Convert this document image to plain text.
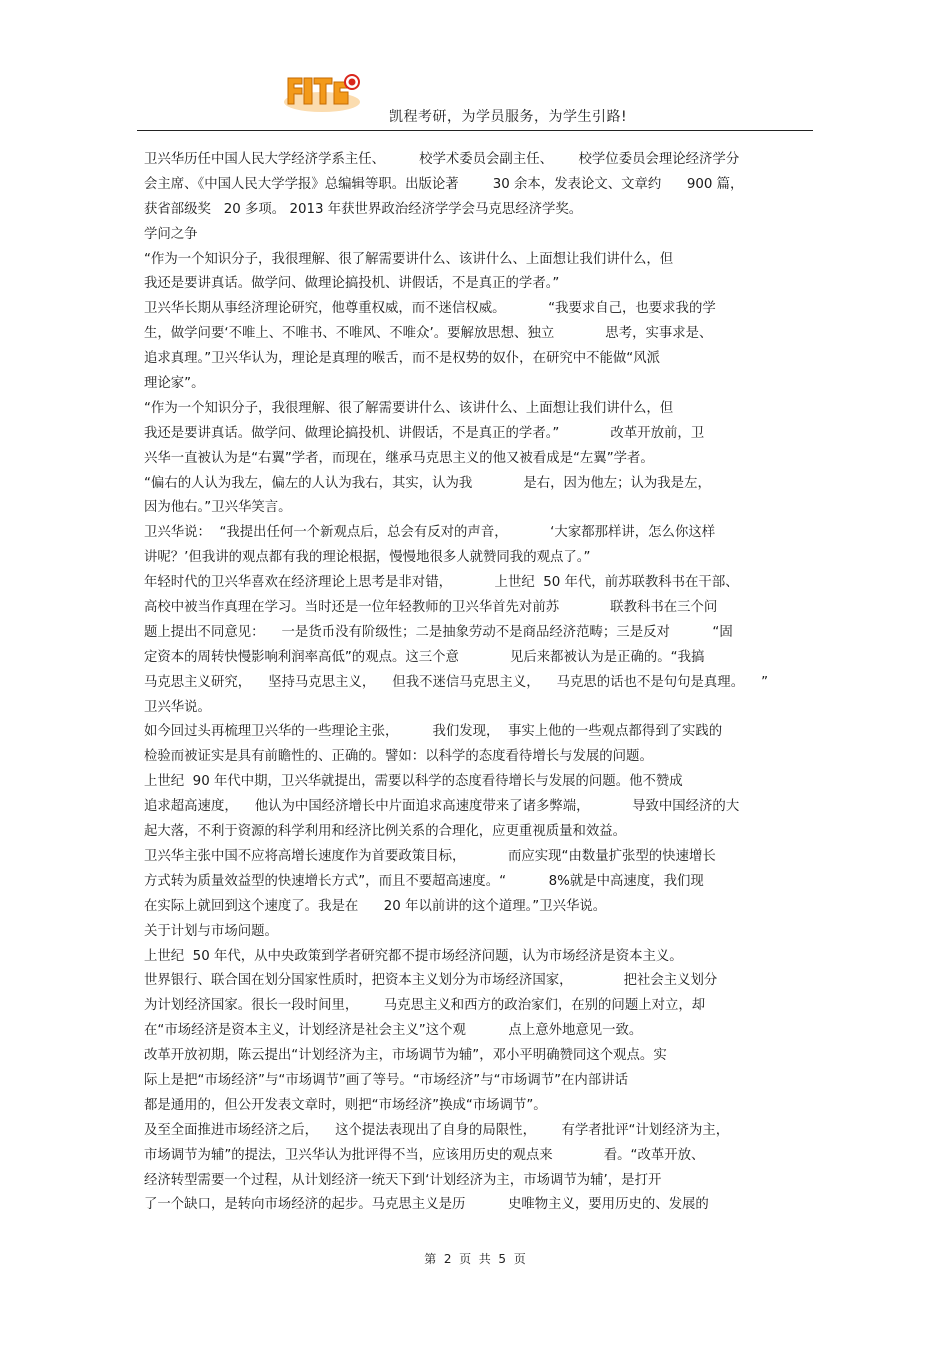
凯程考研，为学员服务，为学生引路!
卫兴华历任中国人民大学经济学系主任、        校学术委员会副主任、      校学位委员会理论经济学分
会主席、《中国人民大学学报》总编辑等职。出版论著        30 余本，发表论文、文章约      900 篇，
获省部级奖   20 多项。 2013 年获世界政治经济学学会马克思经济学奖。
学问之争
“作为一个知识分子，我很理解、很了解需要讲什么、该讲什么、上面想让我们讲什么，但
我还是要讲真话。做学问、做理论搞投机、讲假话，不是真正的学者。”
卫兴华长期从事经济理论研究，他尊重权威，而不迷信权威。          “我要求自己，也要求我的学
生，做学问要‘不唯上、不唯书、不唯风、不唯众’。要解放思想、独立            思考，实事求是、
追求真理。”卫兴华认为，理论是真理的喉舌，而不是权势的奴仆，在研究中不能做“风派
理论家”。
“作为一个知识分子，我很理解、很了解需要讲什么、该讲什么、上面想让我们讲什么，但
我还是要讲真话。做学问、做理论搞投机、讲假话，不是真正的学者。”            改革开放前，卫
兴华一直被认为是“右翼”学者，而现在，继承马克思主义的他又被看成是“左翼”学者。
“偏右的人认为我左，偏左的人认为我右，其实，认为我            是右，因为他左；认为我是左，
因为他右。”卫兴华笑言。
卫兴华说：  “我提出任何一个新观点后，总会有反对的声音，          ‘大家都那样讲，怎么你这样
讲呢？’但我讲的观点都有我的理论根据，慢慢地很多人就赞同我的观点了。”
年轻时代的卫兴华喜欢在经济理论上思考是非对错，          上世纪  50 年代，前苏联教科书在干部、
高校中被当作真理在学习。当时还是一位年轻教师的卫兴华首先对前苏            联教科书在三个问
题上提出不同意见：    一是货币没有阶级性；二是抽象劳动不是商品经济范畴；三是反对          “固
定资本的周转快慢影响利润率高低”的观点。这三个意            见后来都被认为是正确的。“我搞
马克思主义研究，    坚持马克思主义，    但我不迷信马克思主义，    马克思的话也不是句句是真理。    ”
卫兴华说。
如今回过头再梳理卫兴华的一些理论主张，        我们发现，  事实上他的一些观点都得到了实践的
检验而被证实是具有前瞻性的、正确的。譬如：以科学的态度看待增长与发展的问题。
上世纪  90 年代中期，卫兴华就提出，需要以科学的态度看待增长与发展的问题。他不赞成
追求超高速度，    他认为中国经济增长中片面追求高速度带来了诸多弊端，          导致中国经济的大
起大落，不利于资源的科学利用和经济比例关系的合理化，应更重视质量和效益。
卫兴华主张中国不应将高增长速度作为首要政策目标，          而应实现“由数量扩张型的快速增长
方式转为质量效益型的快速增长方式”，而且不要超高速度。“          8%就是中高速度，我们现
在实际上就回到这个速度了。我是在      20 年以前讲的这个道理。”卫兴华说。
关于计划与市场问题。
上世纪  50 年代，从中央政策到学者研究都不提市场经济问题，认为市场经济是资本主义。
世界银行、联合国在划分国家性质时，把资本主义划分为市场经济国家，            把社会主义划分
为计划经济国家。很长一段时间里，      马克思主义和西方的政治家们，在别的问题上对立，却
在“市场经济是资本主义，计划经济是社会主义”这个观          点上意外地意见一致。
改革开放初期，陈云提出“计划经济为主，市场调节为辅”，邓小平明确赞同这个观点。实
际上是把“市场经济”与“市场调节”画了等号。“市场经济”与“市场调节”在内部讲话
都是通用的，但公开发表文章时，则把“市场经济”换成“市场调节”。
及至全面推进市场经济之后，    这个提法表现出了自身的局限性，      有学者批评“计划经济为主，
市场调节为辅”的提法，卫兴华认为批评得不当，应该用历史的观点来            看。“改革开放、
经济转型需要一个过程，从计划经济一统天下到‘计划经济为主，市场调节为辅’，是打开
了一个缺口，是转向市场经济的起步。马克思主义是历          史唯物主义，要用历史的、发展的
第  2  页  共  5  页
